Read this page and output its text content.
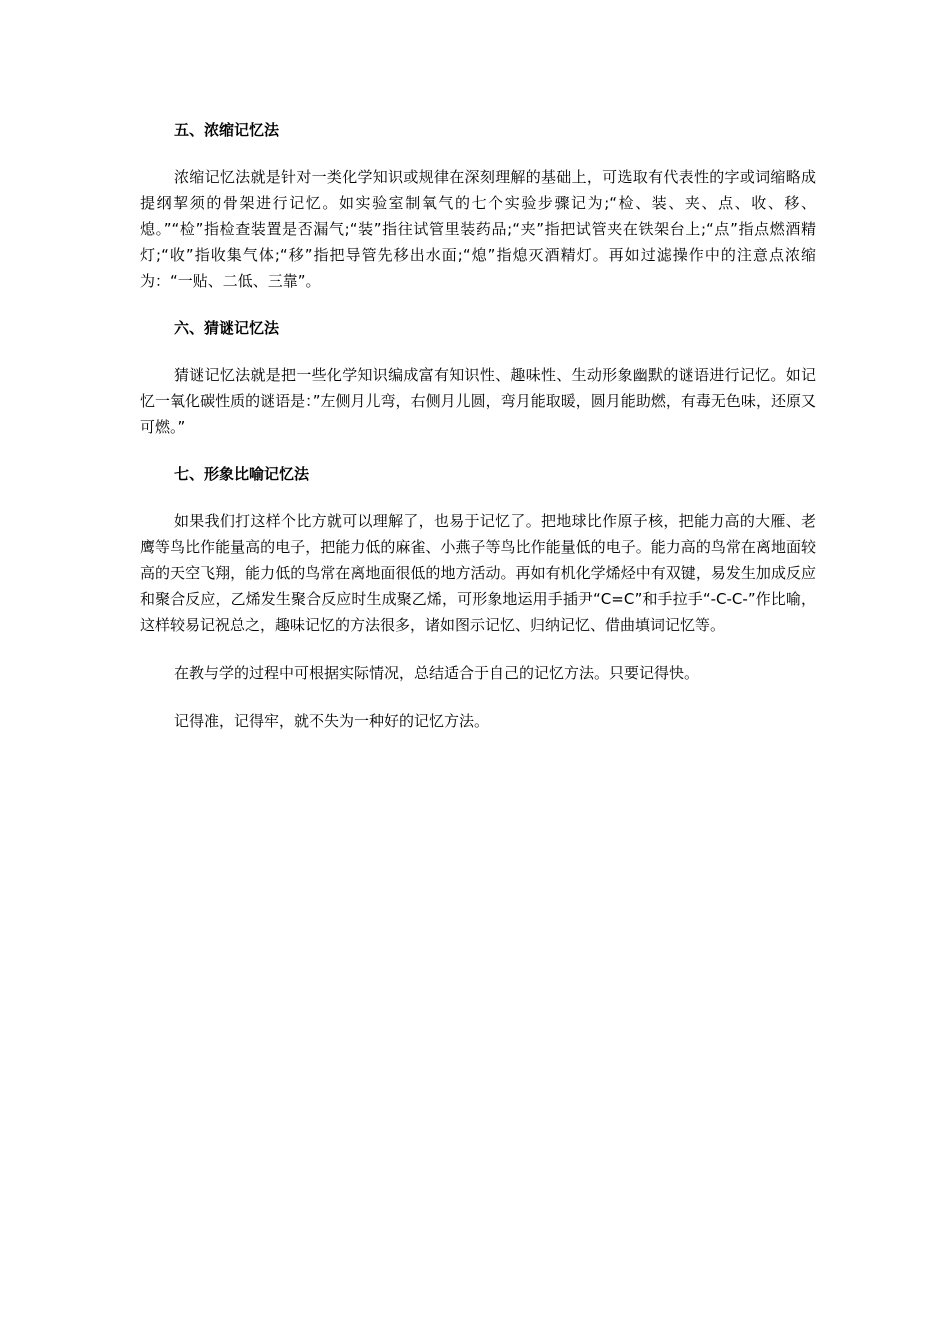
五、浓缩记忆法

浓缩记忆法就是针对一类化学知识或规律在深刻理解的基础上，可选取有代表性的字或词缩略成提纲挈须的骨架进行记忆。如实验室制氧气的七个实验步骤记为;“检、装、夹、点、收、移、熄。”“检”指检查装置是否漏气;“装”指往试管里装药品;“夹”指把试管夹在铁架台上;“点”指点燃酒精灯;“收”指收集气体;“移”指把导管先移出水面;“熄”指熄灭酒精灯。再如过滤操作中的注意点浓缩为：“一贴、二低、三靠”。

六、猜谜记忆法

猜谜记忆法就是把一些化学知识编成富有知识性、趣味性、生动形象幽默的谜语进行记忆。如记忆一氧化碳性质的谜语是：”左侧月儿弯，右侧月儿圆，弯月能取暖，圆月能助燃，有毒无色味，还原又可燃。”

七、形象比喻记忆法

如果我们打这样个比方就可以理解了，也易于记忆了。把地球比作原子核，把能力高的大雁、老鹰等鸟比作能量高的电子，把能力低的麻雀、小燕子等鸟比作能量低的电子。能力高的鸟常在离地面较高的天空飞翔，能力低的鸟常在离地面很低的地方活动。再如有机化学烯烃中有双键，易发生加成反应和聚合反应，乙烯发生聚合反应时生成聚乙烯，可形象地运用手插尹“C=C”和手拉手“-C-C-”作比喻，这样较易记祝总之，趣味记忆的方法很多，诸如图示记忆、归纳记忆、借曲填词记忆等。

在教与学的过程中可根据实际情况，总结适合于自己的记忆方法。只要记得快。

记得准，记得牢，就不失为一种好的记忆方法。
